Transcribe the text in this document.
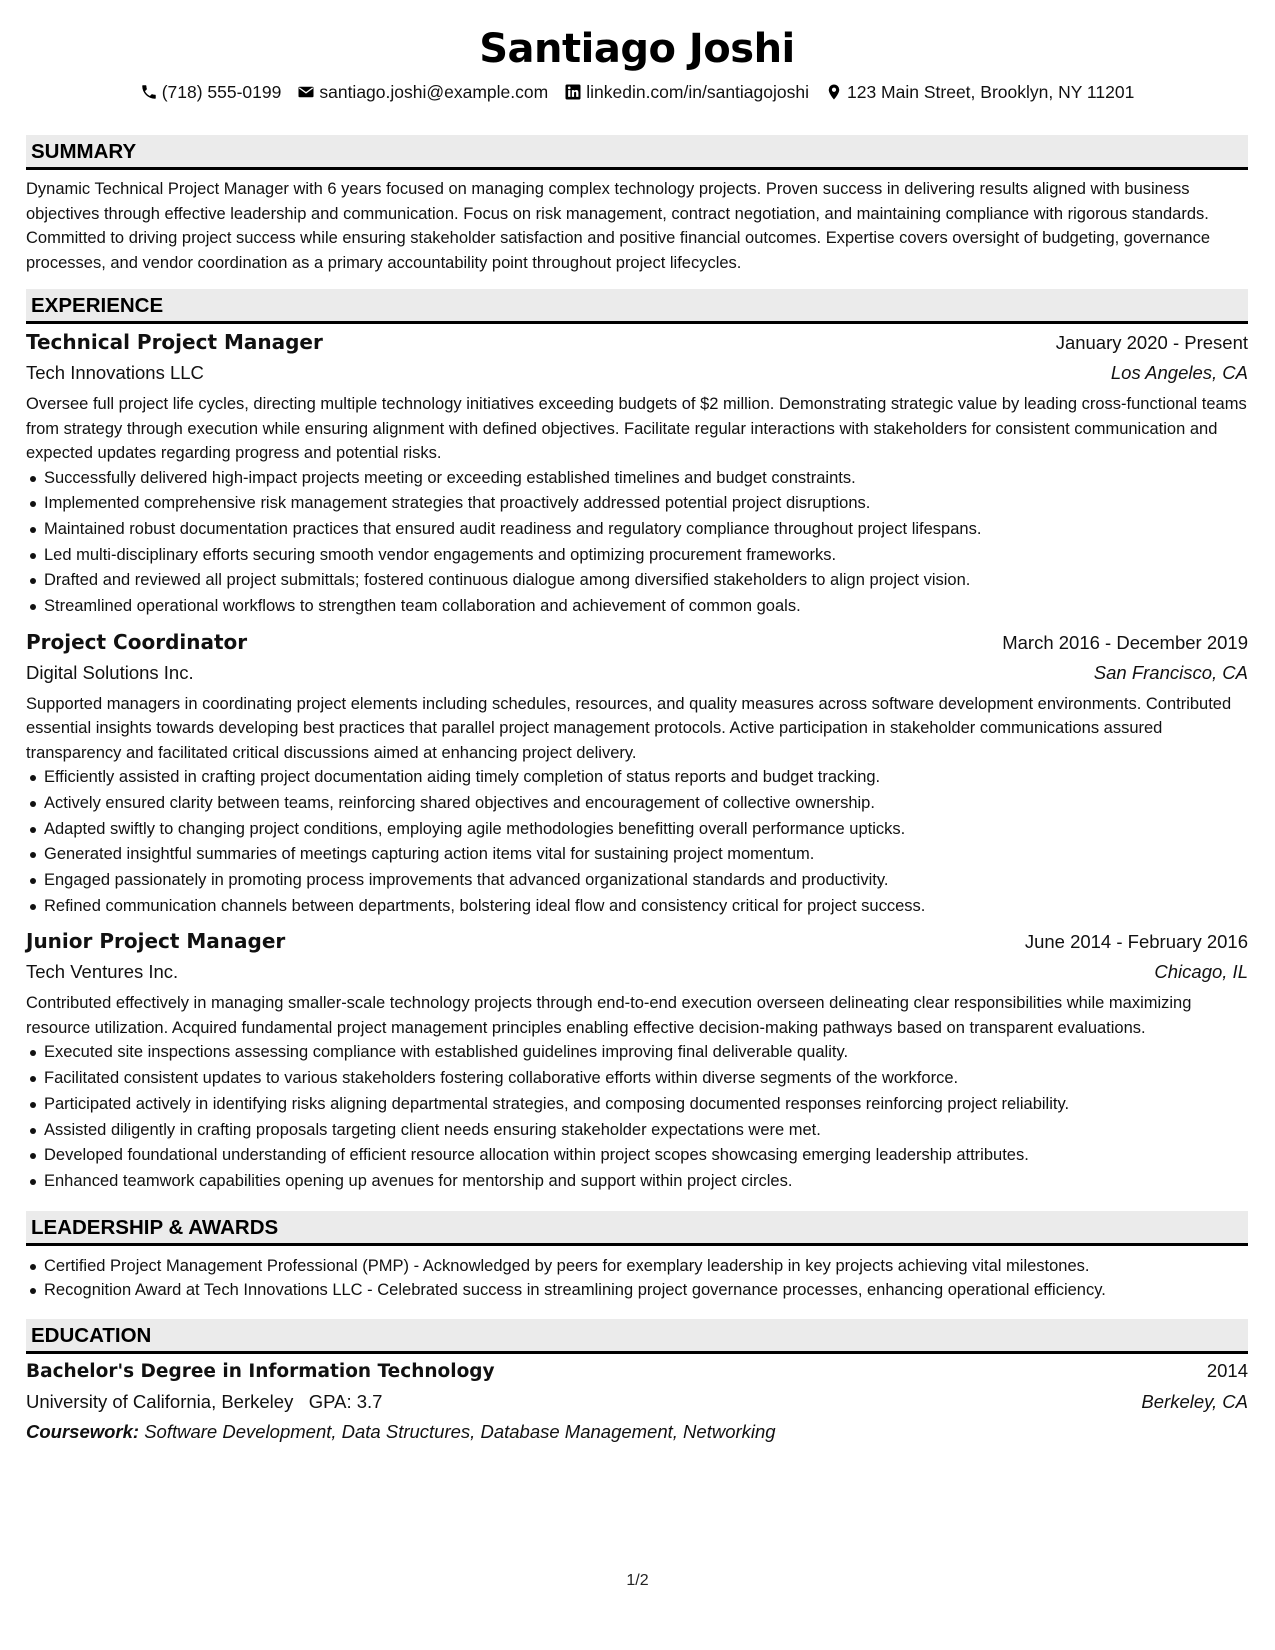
Santiago Joshi
(718) 555-0199 santiago.joshi@example.com linkedin.com/in/santiagojoshi 123 Main Street, Brooklyn, NY 11201
SUMMARY

Dynamic Technical Project Manager with 6 years focused on managing complex technology projects. Proven success in delivering results aligned with business objectives through effective leadership and communication. Focus on risk management, contract negotiation, and maintaining compliance with rigorous standards. Committed to driving project success while ensuring stakeholder satisfaction and positive financial outcomes. Expertise covers oversight of budgeting, governance processes, and vendor coordination as a primary accountability point throughout project lifecycles.

EXPERIENCE
Technical Project Manager	January 2020 - Present
Tech Innovations LLC	Los Angeles, CA

Oversee full project life cycles, directing multiple technology initiatives exceeding budgets of $2 million. Demonstrating strategic value by leading cross-functional teams from strategy through execution while ensuring alignment with defined objectives. Facilitate regular interactions with stakeholders for consistent communication and expected updates regarding progress and potential risks.

Successfully delivered high-impact projects meeting or exceeding established timelines and budget constraints.
Implemented comprehensive risk management strategies that proactively addressed potential project disruptions.
Maintained robust documentation practices that ensured audit readiness and regulatory compliance throughout project lifespans.
Led multi-disciplinary efforts securing smooth vendor engagements and optimizing procurement frameworks.
Drafted and reviewed all project submittals; fostered continuous dialogue among diversified stakeholders to align project vision.
Streamlined operational workflows to strengthen team collaboration and achievement of common goals.
Project Coordinator	March 2016 - December 2019
Digital Solutions Inc.	San Francisco, CA

Supported managers in coordinating project elements including schedules, resources, and quality measures across software development environments. Contributed essential insights towards developing best practices that parallel project management protocols. Active participation in stakeholder communications assured transparency and facilitated critical discussions aimed at enhancing project delivery.

Efficiently assisted in crafting project documentation aiding timely completion of status reports and budget tracking.
Actively ensured clarity between teams, reinforcing shared objectives and encouragement of collective ownership.
Adapted swiftly to changing project conditions, employing agile methodologies benefitting overall performance upticks.
Generated insightful summaries of meetings capturing action items vital for sustaining project momentum.
Engaged passionately in promoting process improvements that advanced organizational standards and productivity.
Refined communication channels between departments, bolstering ideal flow and consistency critical for project success.
Junior Project Manager	June 2014 - February 2016
Tech Ventures Inc.	Chicago, IL

Contributed effectively in managing smaller-scale technology projects through end-to-end execution overseen delineating clear responsibilities while maximizing resource utilization. Acquired fundamental project management principles enabling effective decision-making pathways based on transparent evaluations.

Executed site inspections assessing compliance with established guidelines improving final deliverable quality.
Facilitated consistent updates to various stakeholders fostering collaborative efforts within diverse segments of the workforce.
Participated actively in identifying risks aligning departmental strategies, and composing documented responses reinforcing project reliability.
Assisted diligently in crafting proposals targeting client needs ensuring stakeholder expectations were met.
Developed foundational understanding of efficient resource allocation within project scopes showcasing emerging leadership attributes.
Enhanced teamwork capabilities opening up avenues for mentorship and support within project circles.
LEADERSHIP & AWARDS
Certified Project Management Professional (PMP) - Acknowledged by peers for exemplary leadership in key projects achieving vital milestones.
Recognition Award at Tech Innovations LLC - Celebrated success in streamlining project governance processes, enhancing operational efficiency.
EDUCATION
Bachelor's Degree in Information Technology	2014
University of California, Berkeley GPA: 3.7	Berkeley, CA
Coursework: Software Development, Data Structures, Database Management, Networking
1/2
